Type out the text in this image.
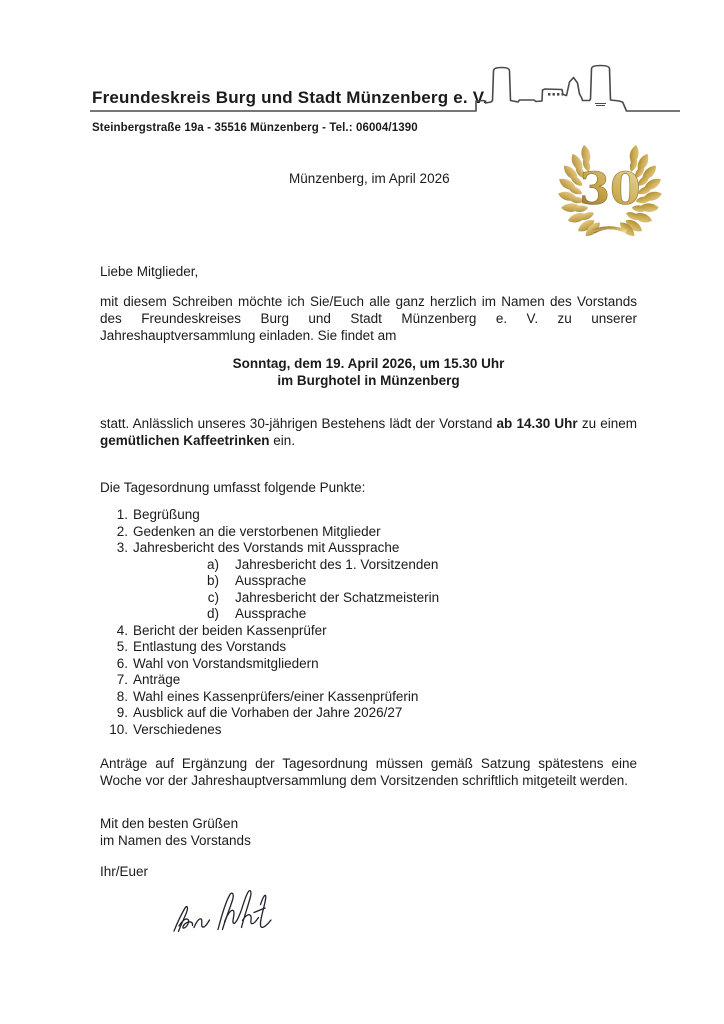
Freundeskreis Burg und Stadt Münzenberg e. V.
Steinbergstraße 19a - 35516 Münzenberg - Tel.: 06004/1390
Münzenberg, im April 2026	30

Liebe Mitglieder,

mit diesem Schreiben möchte ich Sie/Euch alle ganz herzlich im Namen des Vorstands des Freundeskreises Burg und Stadt Münzenberg e. V. zu unserer Jahreshauptversammlung einladen. Sie findet am

Sonntag, dem 19. April 2026, um 15.30 Uhr
im Burghotel in Münzenberg

statt. Anlässlich unseres 30-jährigen Bestehens lädt der Vorstand ab 14.30 Uhr zu einem gemütlichen Kaffeetrinken ein.

Die Tagesordnung umfasst folgende Punkte:

1. Begrüßung
2. Gedenken an die verstorbenen Mitglieder
3. Jahresbericht des Vorstands mit Aussprache
a) Jahresbericht des 1. Vorsitzenden
b) Aussprache
c) Jahresbericht der Schatzmeisterin
d) Aussprache
4. Bericht der beiden Kassenprüfer
5. Entlastung des Vorstands
6. Wahl von Vorstandsmitgliedern
7. Anträge
8. Wahl eines Kassenprüfers/einer Kassenprüferin
9. Ausblick auf die Vorhaben der Jahre 2026/27
10. Verschiedenes

Anträge auf Ergänzung der Tagesordnung müssen gemäß Satzung spätestens eine Woche vor der Jahreshauptversammlung dem Vorsitzenden schriftlich mitgeteilt werden.

Mit den besten Grüßen
im Namen des Vorstands
Ihr/Euer
